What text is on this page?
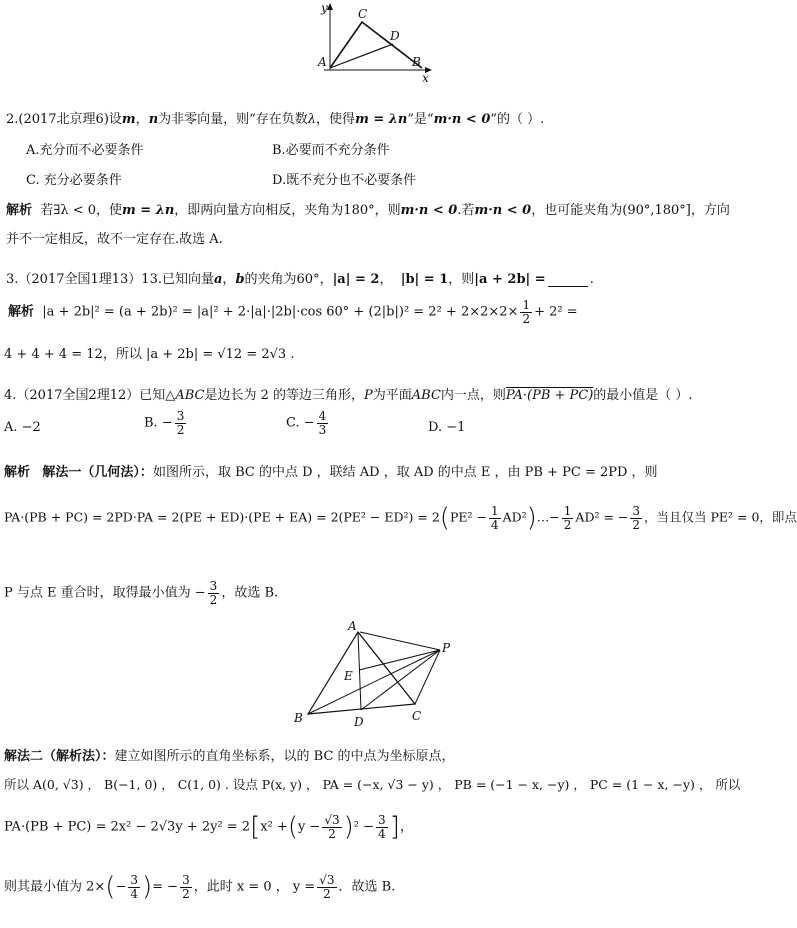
y
x
A	B
C
D
2.(2017北京理6)设m，n为非零向量，则“存在负数λ，使得m = λn”是“m·n < 0”的（ ）.
A.充分而不必要条件	B.必要而不充分条件
C. 充分必要条件	D.既不充分也不必要条件
解析 若∃λ < 0，使m = λn，即两向量方向相反，夹角为180°，则m·n < 0.若m·n < 0，也可能夹角为(90°,180°]，方向
并不一定相反，故不一定存在.故选 A.
3.（2017全国1理13）13.已知向量a，b的夹角为60°，|a| = 2， |b| = 1，则|a + 2b| =	.
解析 |a + 2b|² = (a + 2b)² = |a|² + 2·|a|·|2b|·cos $60^\circ + (2|b|)^2 = 2^2 + 2\times 2\times 2\times \frac{1}{2} + 2^2$ =
4 + 4 + 4 = 12，所以 |a + 2b| = √12 = 2√3 .
4.（2017全国2理12）已知△ABC是边长为 2 的等边三角形，P为平面ABC内一点，则PA·(PB + PC)的最小值是（ ）.
A. −2	B. − $\frac{3}{2}$	C. − $\frac{4}{3}$	D. −1
解析 解法一（几何法）：如图所示，取 BC 的中点 D ，联结 AD ，取 AD 的中点 E ，由 PB + PC = 2PD ，则
$PA\cdot(PB + PC) = 2PD\cdot PA = 2(PE + ED)\cdot(PE + EA) = 2(PE^2 - ED^2) = 2(PE^2 - \frac{1}{4}$ AD²)…− $\frac{1}{2} AD^2$ = − $\frac{3}{2}$ ，当且仅当 PE² = 0，即点
P 与点 E 重合时，取得最小值为 − $\frac{3}{2}$ ，故选 B.
A
B	C
D
E
P
解法二（解析法）：建立如图所示的直角坐标系，以的 BC 的中点为坐标原点，
所以 A(0, √3) ， B(−1, 0) ， C(1, 0) . 设点 P(x, y) ， PA = (−x, √3 − y) ， PB = (−1 − x, −y) ， PC = (1 − x, −y) ， 所以
$PA\cdot(PB + PC) = 2x^2 - 2√3y + 2y^2 = 2[x^2 +(y - \frac{√3}{2} )^2 - \frac{3}{4}$ ]，
则其最小值为 $2\times(- \frac{3}{4}$ )= − $\frac{3}{2}$ ，此时 x = 0 ， $y = \frac{√3}{2}$ ．故选 B.
